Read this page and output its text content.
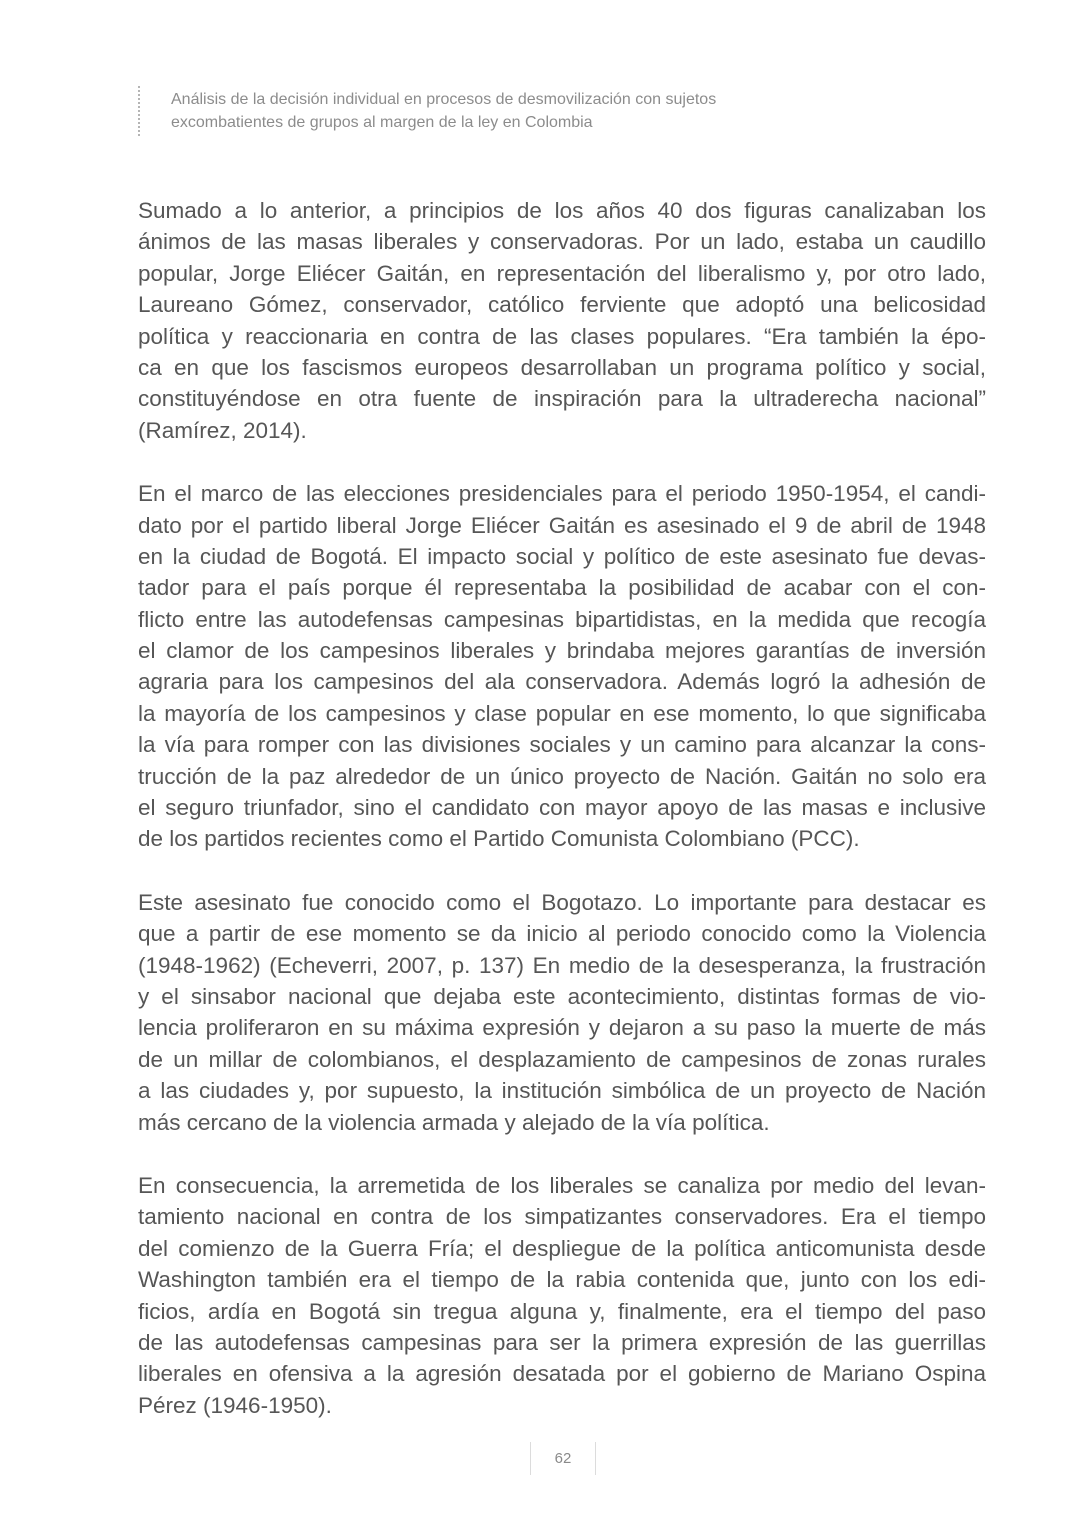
Análisis de la decisión individual en procesos de desmovilización con sujetos
excombatientes de grupos al margen de la ley en Colombia
Sumado a lo anterior, a principios de los años 40 dos figuras canalizaban los
ánimos de las masas liberales y conservadoras. Por un lado, estaba un caudillo
popular, Jorge Eliécer Gaitán, en representación del liberalismo y, por otro lado,
Laureano Gómez, conservador, católico ferviente que adoptó una belicosidad
política y reaccionaria en contra de las clases populares. “Era también la épo-
ca en que los fascismos europeos desarrollaban un programa político y social,
constituyéndose en otra fuente de inspiración para la ultraderecha nacional”
(Ramírez, 2014).
En el marco de las elecciones presidenciales para el periodo 1950-1954, el candi-
dato por el partido liberal Jorge Eliécer Gaitán es asesinado el 9 de abril de 1948
en la ciudad de Bogotá. El impacto social y político de este asesinato fue devas-
tador para el país porque él representaba la posibilidad de acabar con el con-
flicto entre las autodefensas campesinas bipartidistas, en la medida que recogía
el clamor de los campesinos liberales y brindaba mejores garantías de inversión
agraria para los campesinos del ala conservadora. Además logró la adhesión de
la mayoría de los campesinos y clase popular en ese momento, lo que significaba
la vía para romper con las divisiones sociales y un camino para alcanzar la cons-
trucción de la paz alrededor de un único proyecto de Nación. Gaitán no solo era
el seguro triunfador, sino el candidato con mayor apoyo de las masas e inclusive
de los partidos recientes como el Partido Comunista Colombiano (PCC).
Este asesinato fue conocido como el Bogotazo. Lo importante para destacar es
que a partir de ese momento se da inicio al periodo conocido como la Violencia
(1948-1962) (Echeverri, 2007, p. 137) En medio de la desesperanza, la frustración
y el sinsabor nacional que dejaba este acontecimiento, distintas formas de vio-
lencia proliferaron en su máxima expresión y dejaron a su paso la muerte de más
de un millar de colombianos, el desplazamiento de campesinos de zonas rurales
a las ciudades y, por supuesto, la institución simbólica de un proyecto de Nación
más cercano de la violencia armada y alejado de la vía política.
En consecuencia, la arremetida de los liberales se canaliza por medio del levan-
tamiento nacional en contra de los simpatizantes conservadores. Era el tiempo
del comienzo de la Guerra Fría; el despliegue de la política anticomunista desde
Washington también era el tiempo de la rabia contenida que, junto con los edi-
ficios, ardía en Bogotá sin tregua alguna y, finalmente, era el tiempo del paso
de las autodefensas campesinas para ser la primera expresión de las guerrillas
liberales en ofensiva a la agresión desatada por el gobierno de Mariano Ospina
Pérez (1946-1950).
62
